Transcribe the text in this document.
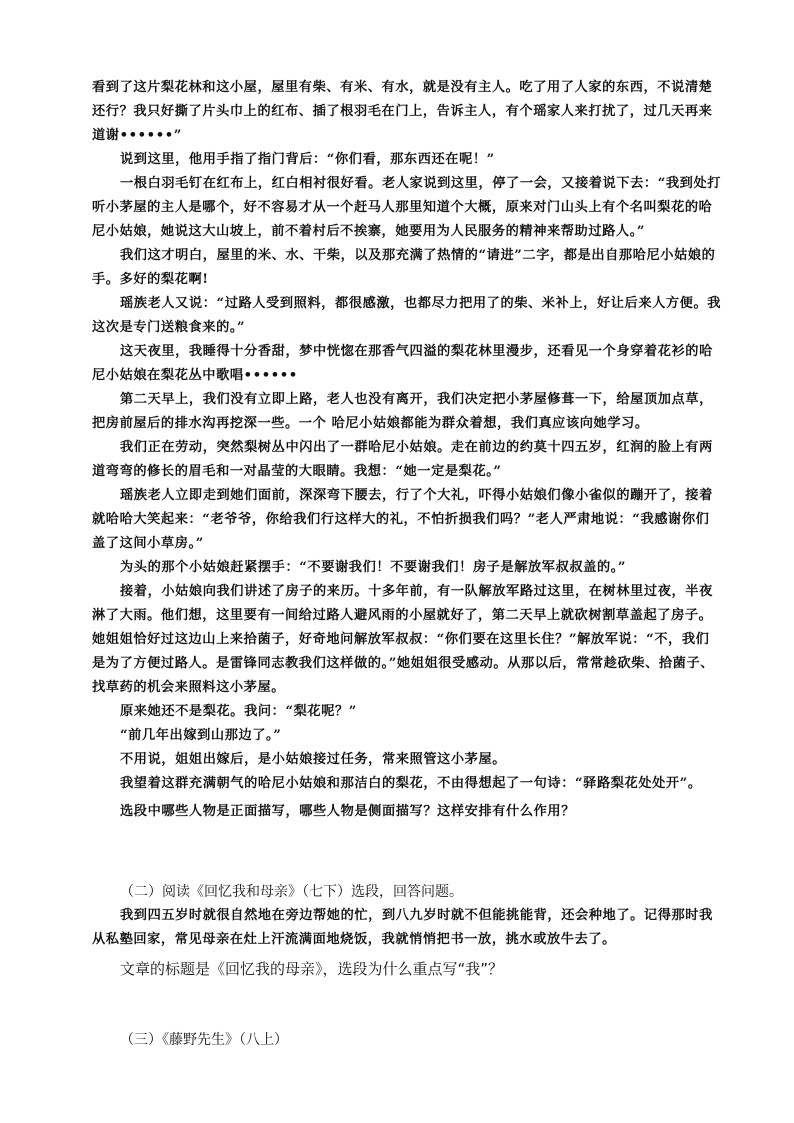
看到了这片梨花林和这小屋，屋里有柴、有米、有水，就是没有主人。吃了用了人家的东西，不说清楚还行？我只好撕了片头巾上的红布、插了根羽毛在门上，告诉主人，有个瑶家人来打扰了，过几天再来道谢••••••”

说到这里，他用手指了指门背后：“你们看，那东西还在呢！”

一根白羽毛钉在红布上，红白相衬很好看。老人家说到这里，停了一会，又接着说下去：“我到处打听小茅屋的主人是哪个，好不容易才从一个赶马人那里知道个大概，原来对门山头上有个名叫梨花的哈尼小姑娘，她说这大山坡上，前不着村后不挨寨，她要用为人民服务的精神来帮助过路人。”

我们这才明白，屋里的米、水、干柴，以及那充满了热情的“请进”二字，都是出自那哈尼小姑娘的手。多好的梨花啊!

瑶族老人又说：“过路人受到照料，都很感激，也都尽力把用了的柴、米补上，好让后来人方便。我这次是专门送粮食来的。”

这天夜里，我睡得十分香甜，梦中恍惚在那香气四溢的梨花林里漫步，还看见一个身穿着花衫的哈尼小姑娘在梨花丛中歌唱••••••

第二天早上，我们没有立即上路，老人也没有离开，我们决定把小茅屋修葺一下，给屋顶加点草，把房前屋后的排水沟再挖深一些。一个 哈尼小姑娘都能为群众着想，我们真应该向她学习。

我们正在劳动，突然梨树丛中闪出了一群哈尼小姑娘。走在前边的约莫十四五岁，红润的脸上有两道弯弯的修长的眉毛和一对晶莹的大眼睛。我想：“她一定是梨花。”

瑶族老人立即走到她们面前，深深弯下腰去，行了个大礼，吓得小姑娘们像小雀似的蹦开了，接着就哈哈大笑起来：“老爷爷，你给我们行这样大的礼，不怕折损我们吗？”老人严肃地说：“我感谢你们盖了这间小草房。”

为头的那个小姑娘赶紧摆手：“不要谢我们！不要谢我们！房子是解放军叔叔盖的。”

接着，小姑娘向我们讲述了房子的来历。十多年前，有一队解放军路过这里，在树林里过夜，半夜淋了大雨。他们想，这里要有一间给过路人避风雨的小屋就好了，第二天早上就砍树割草盖起了房子。她姐姐恰好过这边山上来拾菌子，好奇地问解放军叔叔：“你们要在这里长住？”解放军说：“不，我们是为了方便过路人。是雷锋同志教我们这样做的。”她姐姐很受感动。从那以后，常常趁砍柴、拾菌子、找草药的机会来照料这小茅屋。

原来她还不是梨花。我问：“梨花呢？”

“前几年出嫁到山那边了。”

不用说，姐姐出嫁后，是小姑娘接过任务，常来照管这小茅屋。

我望着这群充满朝气的哈尼小姑娘和那洁白的梨花，不由得想起了一句诗：“驿路梨花处处开”。

选段中哪些人物是正面描写，哪些人物是侧面描写？这样安排有什么作用？

（二）阅读《回忆我和母亲》（七下）选段，回答问题。

我到四五岁时就很自然地在旁边帮她的忙，到八九岁时就不但能挑能背，还会种地了。记得那时我从私塾回家，常见母亲在灶上汗流满面地烧饭，我就悄悄把书一放，挑水或放牛去了。

文章的标题是《回忆我的母亲》，选段为什么重点写“我”？

（三）《藤野先生》（八上）
